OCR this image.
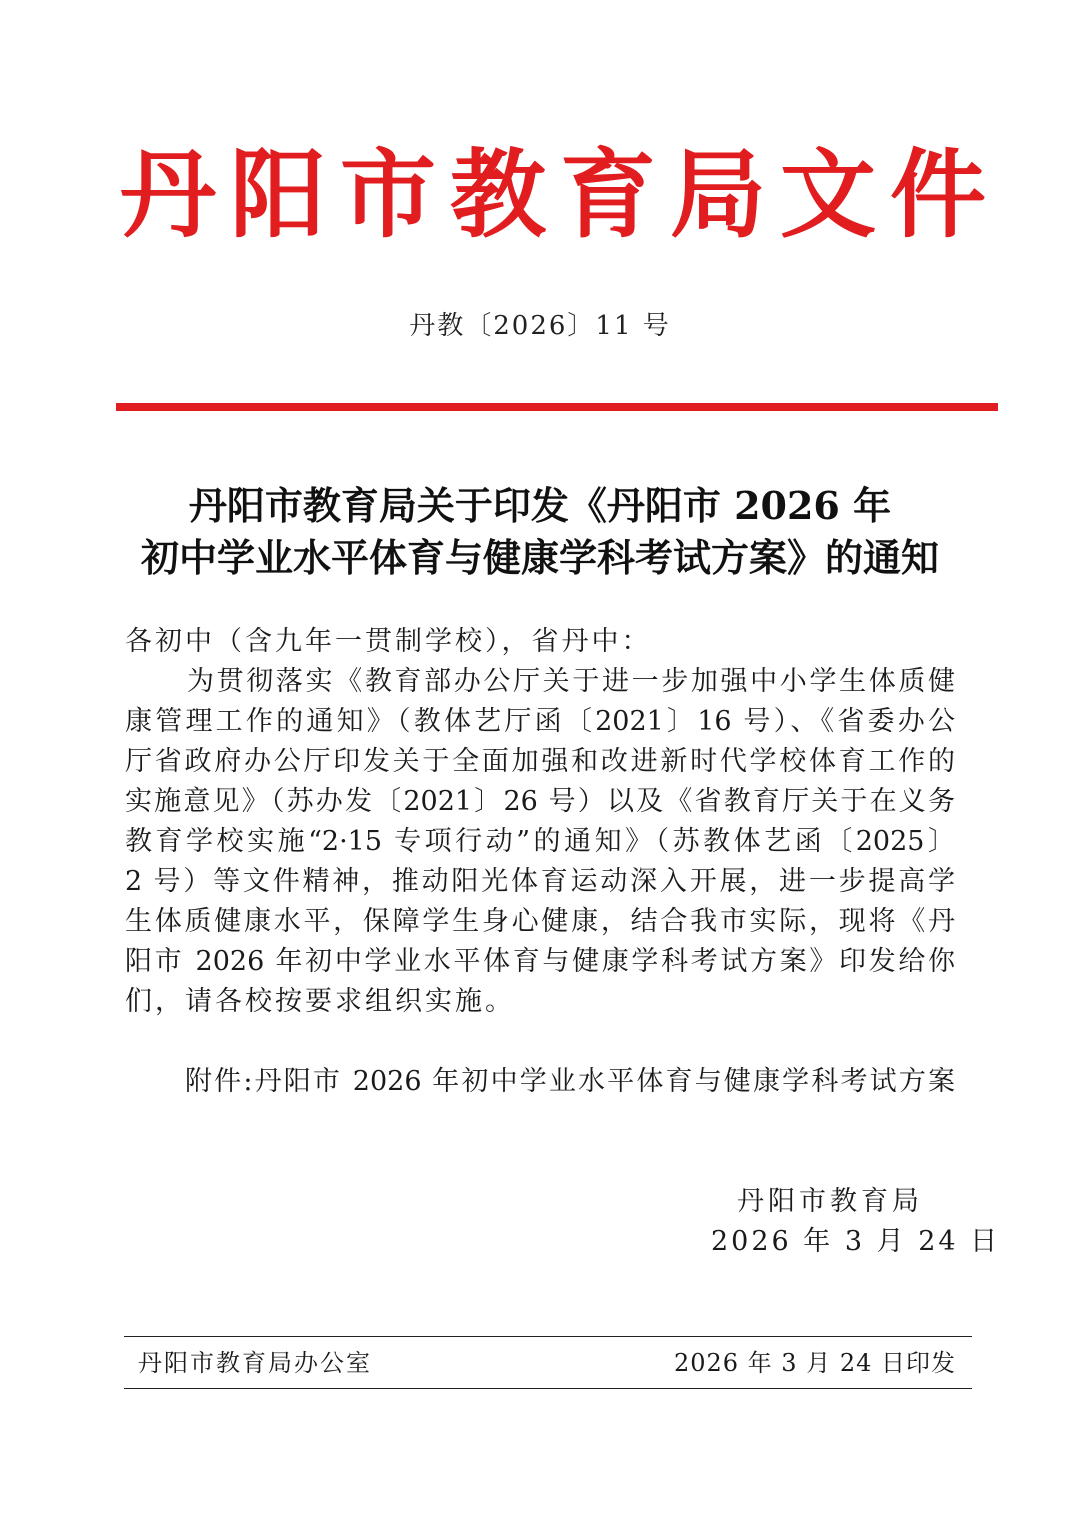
丹阳市教育局文件
丹教〔2026〕11 号
丹阳市教育局关于印发《丹阳市 2026 年
初中学业水平体育与健康学科考试方案》的通知
各初中（含九年一贯制学校），省丹中：
为贯彻落实《教育部办公厅关于进一步加强中小学生体质健
康管理工作的通知》（教体艺厅函〔2021〕16 号）、《省委办公
厅省政府办公厅印发关于全面加强和改进新时代学校体育工作的
实施意见》（苏办发〔2021〕26 号）以及《省教育厅关于在义务
教育学校实施“2·15 专项行动”的通知》（苏教体艺函〔2025〕
2 号）等文件精神，推动阳光体育运动深入开展，进一步提高学
生体质健康水平，保障学生身心健康，结合我市实际，现将《丹
阳市 2026 年初中学业水平体育与健康学科考试方案》印发给你
们，请各校按要求组织实施。
附件:丹阳市 2026 年初中学业水平体育与健康学科考试方案
丹阳市教育局
2026 年 3 月 24 日
丹阳市教育局办公室	2026 年 3 月 24 日印发
